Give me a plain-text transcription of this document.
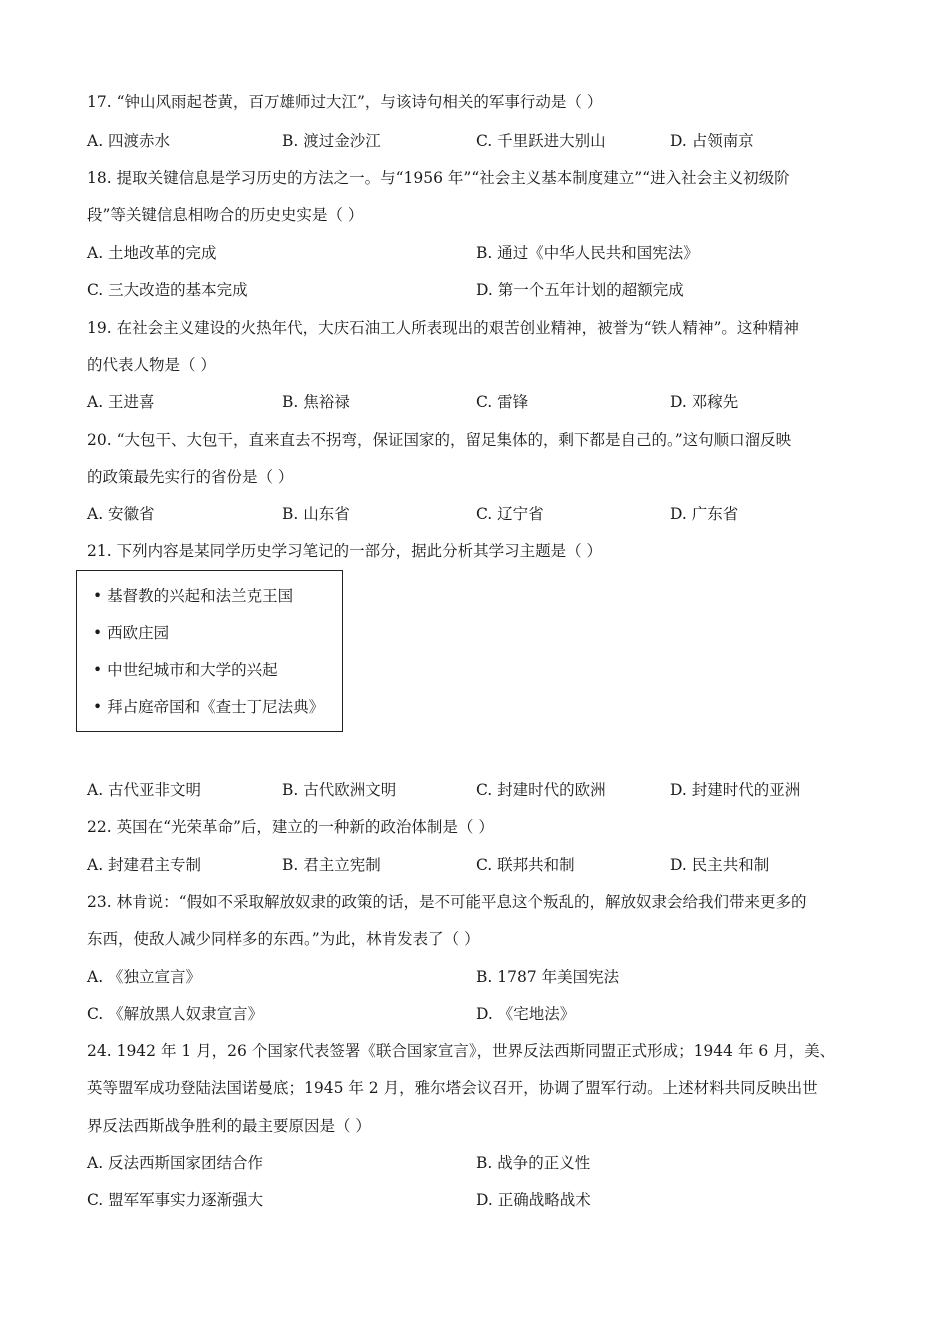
17. “钟山风雨起苍黄，百万雄师过大江”，与该诗句相关的军事行动是（ ）
A. 四渡赤水	B. 渡过金沙江	C. 千里跃进大别山	D. 占领南京
18. 提取关键信息是学习历史的方法之一。与“1956 年”“社会主义基本制度建立”“进入社会主义初级阶
段”等关键信息相吻合的历史史实是（ ）
A. 土地改革的完成	B. 通过《中华人民共和国宪法》
C. 三大改造的基本完成	D. 第一个五年计划的超额完成
19. 在社会主义建设的火热年代，大庆石油工人所表现出的艰苦创业精神，被誉为“铁人精神”。这种精神
的代表人物是（ ）
A. 王进喜	B. 焦裕禄	C. 雷锋	D. 邓稼先
20. “大包干、大包干，直来直去不拐弯，保证国家的，留足集体的，剩下都是自己的。”这句顺口溜反映
的政策最先实行的省份是（ ）
A. 安徽省	B. 山东省	C. 辽宁省	D. 广东省
21. 下列内容是某同学历史学习笔记的一部分，据此分析其学习主题是（ ）
• 基督教的兴起和法兰克王国
• 西欧庄园
• 中世纪城市和大学的兴起
• 拜占庭帝国和《查士丁尼法典》
A. 古代亚非文明	B. 古代欧洲文明	C. 封建时代的欧洲	D. 封建时代的亚洲
22. 英国在“光荣革命”后，建立的一种新的政治体制是（ ）
A. 封建君主专制	B. 君主立宪制	C. 联邦共和制	D. 民主共和制
23. 林肯说：“假如不采取解放奴隶的政策的话，是不可能平息这个叛乱的，解放奴隶会给我们带来更多的
东西，使敌人减少同样多的东西。”为此，林肯发表了（ ）
A. 《独立宣言》	B. 1787 年美国宪法
C. 《解放黑人奴隶宣言》	D. 《宅地法》
24. 1942 年 1 月，26 个国家代表签署《联合国家宣言》，世界反法西斯同盟正式形成；1944 年 6 月，美、
英等盟军成功登陆法国诺曼底；1945 年 2 月，雅尔塔会议召开，协调了盟军行动。上述材料共同反映出世
界反法西斯战争胜利的最主要原因是（ ）
A. 反法西斯国家团结合作	B. 战争的正义性
C. 盟军军事实力逐渐强大	D. 正确战略战术
